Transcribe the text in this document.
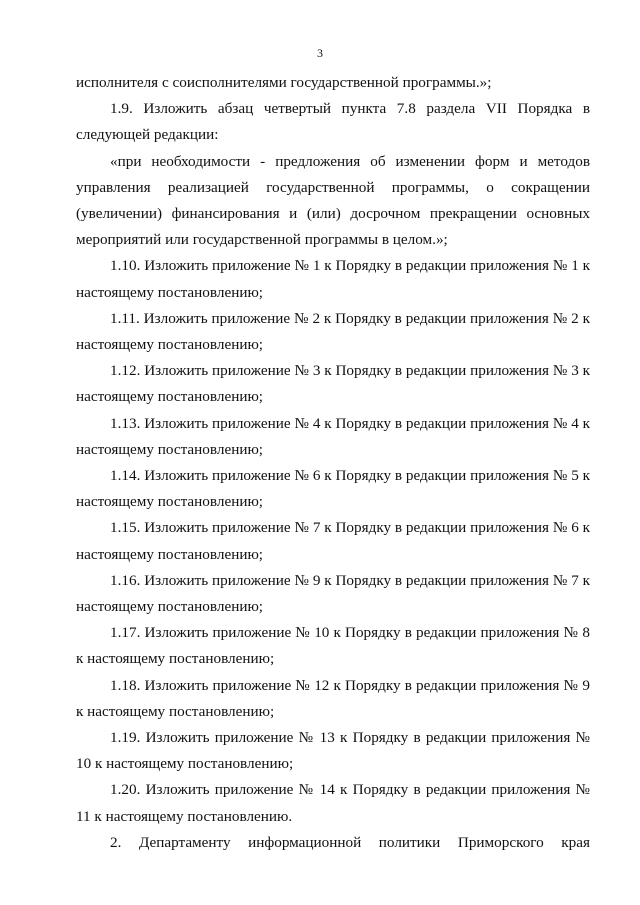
3

исполнителя с соисполнителями государственной программы.»;

1.9. Изложить абзац четвертый пункта 7.8 раздела VII Порядка в следующей редакции:

«при необходимости - предложения об изменении форм и методов управления реализацией государственной программы, о сокращении (увеличении) финансирования и (или) досрочном прекращении основных мероприятий или государственной программы в целом.»;

1.10. Изложить приложение № 1 к Порядку в редакции приложения № 1 к настоящему постановлению;

1.11. Изложить приложение № 2 к Порядку в редакции приложения № 2 к настоящему постановлению;

1.12. Изложить приложение № 3 к Порядку в редакции приложения № 3 к настоящему постановлению;

1.13. Изложить приложение № 4 к Порядку в редакции приложения № 4 к настоящему постановлению;

1.14. Изложить приложение № 6 к Порядку в редакции приложения № 5 к настоящему постановлению;

1.15. Изложить приложение № 7 к Порядку в редакции приложения № 6 к настоящему постановлению;

1.16. Изложить приложение № 9 к Порядку в редакции приложения № 7 к настоящему постановлению;

1.17. Изложить приложение № 10 к Порядку в редакции приложения № 8 к настоящему постановлению;

1.18. Изложить приложение № 12 к Порядку в редакции приложения № 9 к настоящему постановлению;

1.19. Изложить приложение № 13 к Порядку в редакции приложения № 10 к настоящему постановлению;

1.20. Изложить приложение № 14 к Порядку в редакции приложения № 11 к настоящему постановлению.

2. Департаменту информационной политики Приморского края
